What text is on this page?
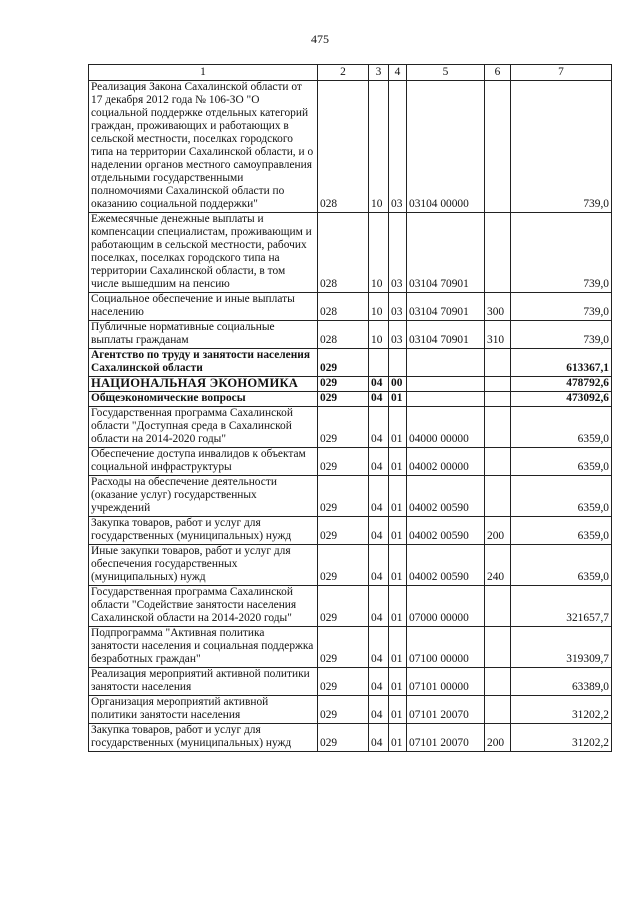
475
1	2	3	4	5	6	7
Реализация Закона Сахалинской области от 17 декабря 2012 года № 106-ЗО "О социальной поддержке отдельных категорий граждан, проживающих и работающих в сельской местности, поселках городского типа на территории Сахалинской области, и о наделении органов местного самоуправления отдельными государственными полномочиями Сахалинской области по оказанию социальной поддержки"	028	10	03	03104 00000		739,0
Ежемесячные денежные выплаты и компенсации специалистам, проживающим и работающим в сельской местности, рабочих поселках, поселках городского типа на территории Сахалинской области, в том числе вышедшим на пенсию	028	10	03	03104 70901		739,0
Социальное обеспечение и иные выплаты населению	028	10	03	03104 70901	300	739,0
Публичные нормативные социальные выплаты гражданам	028	10	03	03104 70901	310	739,0
Агентство по труду и занятости населения Сахалинской области	029					613367,1
НАЦИОНАЛЬНАЯ ЭКОНОМИКА	029	04	00			478792,6
Общеэкономические вопросы	029	04	01			473092,6
Государственная программа Сахалинской области "Доступная среда в Сахалинской области на 2014-2020 годы"	029	04	01	04000 00000		6359,0
Обеспечение доступа инвалидов к объектам социальной инфраструктуры	029	04	01	04002 00000		6359,0
Расходы на обеспечение деятельности (оказание услуг) государственных учреждений	029	04	01	04002 00590		6359,0
Закупка товаров, работ и услуг для государственных (муниципальных) нужд	029	04	01	04002 00590	200	6359,0
Иные закупки товаров, работ и услуг для обеспечения государственных (муниципальных) нужд	029	04	01	04002 00590	240	6359,0
Государственная программа Сахалинской области "Содействие занятости населения Сахалинской области на 2014-2020 годы"	029	04	01	07000 00000		321657,7
Подпрограмма "Активная политика занятости населения и социальная поддержка безработных граждан"	029	04	01	07100 00000		319309,7
Реализация мероприятий активной политики занятости населения	029	04	01	07101 00000		63389,0
Организация мероприятий активной политики занятости населения	029	04	01	07101 20070		31202,2
Закупка товаров, работ и услуг для государственных (муниципальных) нужд	029	04	01	07101 20070	200	31202,2
